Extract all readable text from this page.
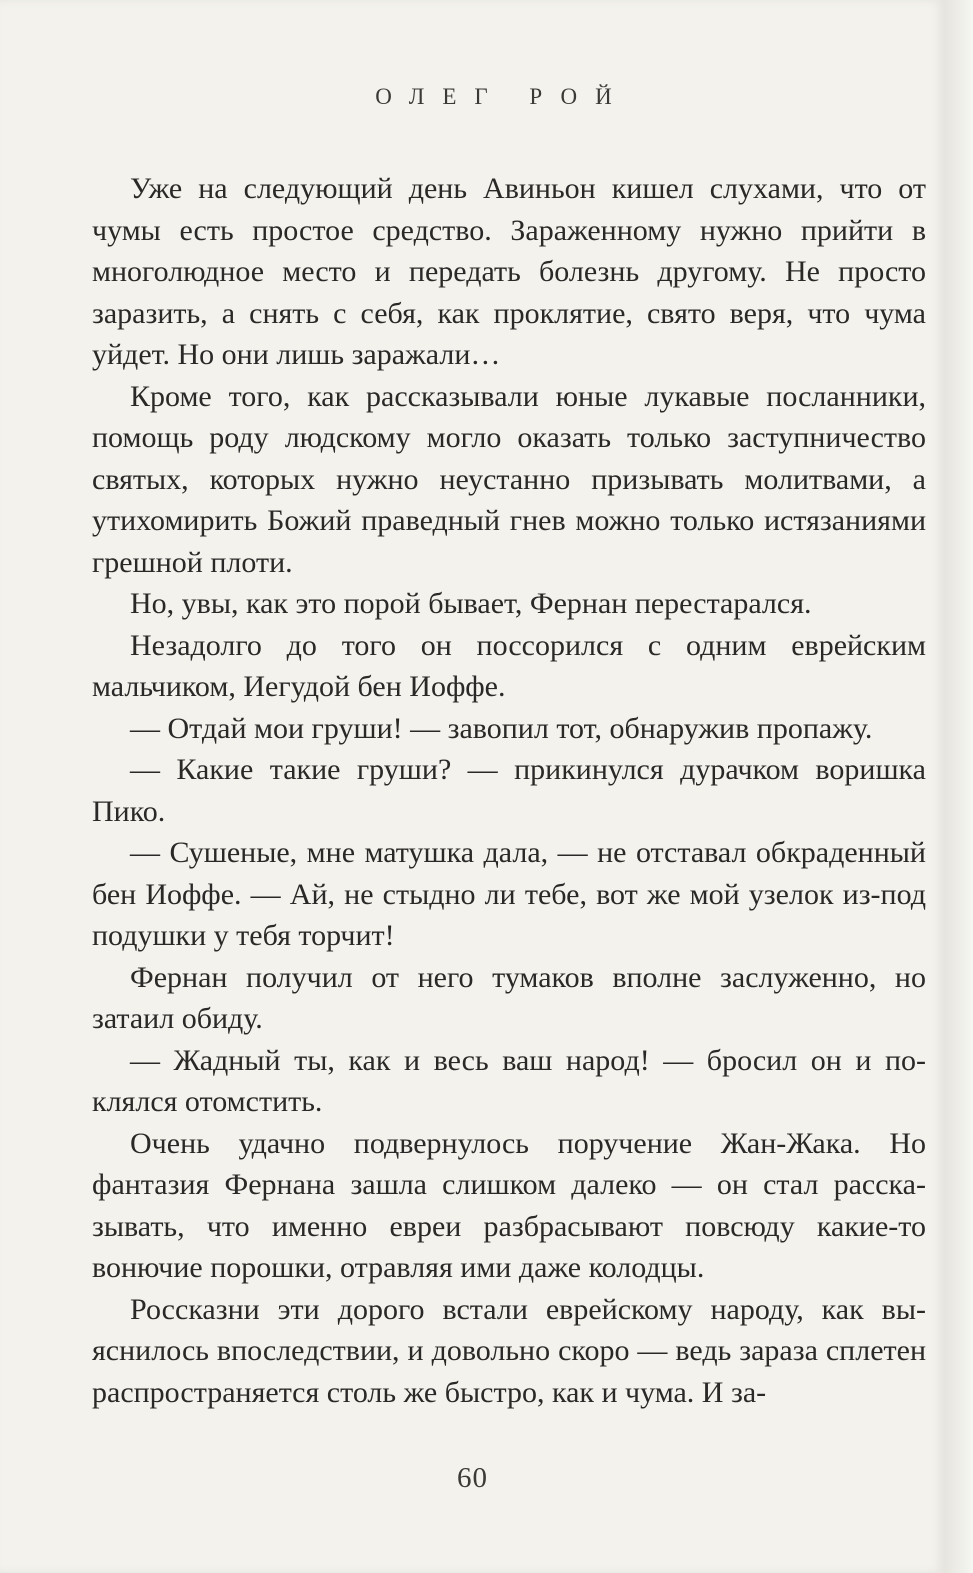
ОЛЕГ РОЙ

Уже на следующий день Авиньон кишел слухами, что от чумы есть простое средство. Зараженному нужно прийти в многолюдное место и передать болезнь другому. Не просто заразить, а снять с себя, как проклятие, свято веря, что чума уйдет. Но они лишь заражали…

Кроме того, как рассказывали юные лукавые посланники, помощь роду людскому могло оказать только заступничество святых, которых нужно неустанно призывать молитвами, а утихомирить Божий праведный гнев можно только истязаниями грешной плоти.

Но, увы, как это порой бывает, Фернан перестарался.

Незадолго до того он поссорился с одним еврейским мальчиком, Иегудой бен Иоффе.

— Отдай мои груши! — завопил тот, обнаружив пропажу.

— Какие такие груши? — прикинулся дурачком воришка Пико.

— Сушеные, мне матушка дала, — не отставал обкраденный бен Иоффе. — Ай, не стыдно ли тебе, вот же мой узелок из-под подушки у тебя торчит!

Фернан получил от него тумаков вполне заслуженно, но затаил обиду.

— Жадный ты, как и весь ваш народ! — бросил он и поклялся отомстить.

Очень удачно подвернулось поручение Жан-Жака. Но фантазия Фернана зашла слишком далеко — он стал рассказывать, что именно евреи разбрасывают повсюду какие-то вонючие порошки, отравляя ими даже колодцы.

Россказни эти дорого встали еврейскому народу, как выяснилось впоследствии, и довольно скоро — ведь зараза сплетен распространяется столь же быстро, как и чума. И за-

60
